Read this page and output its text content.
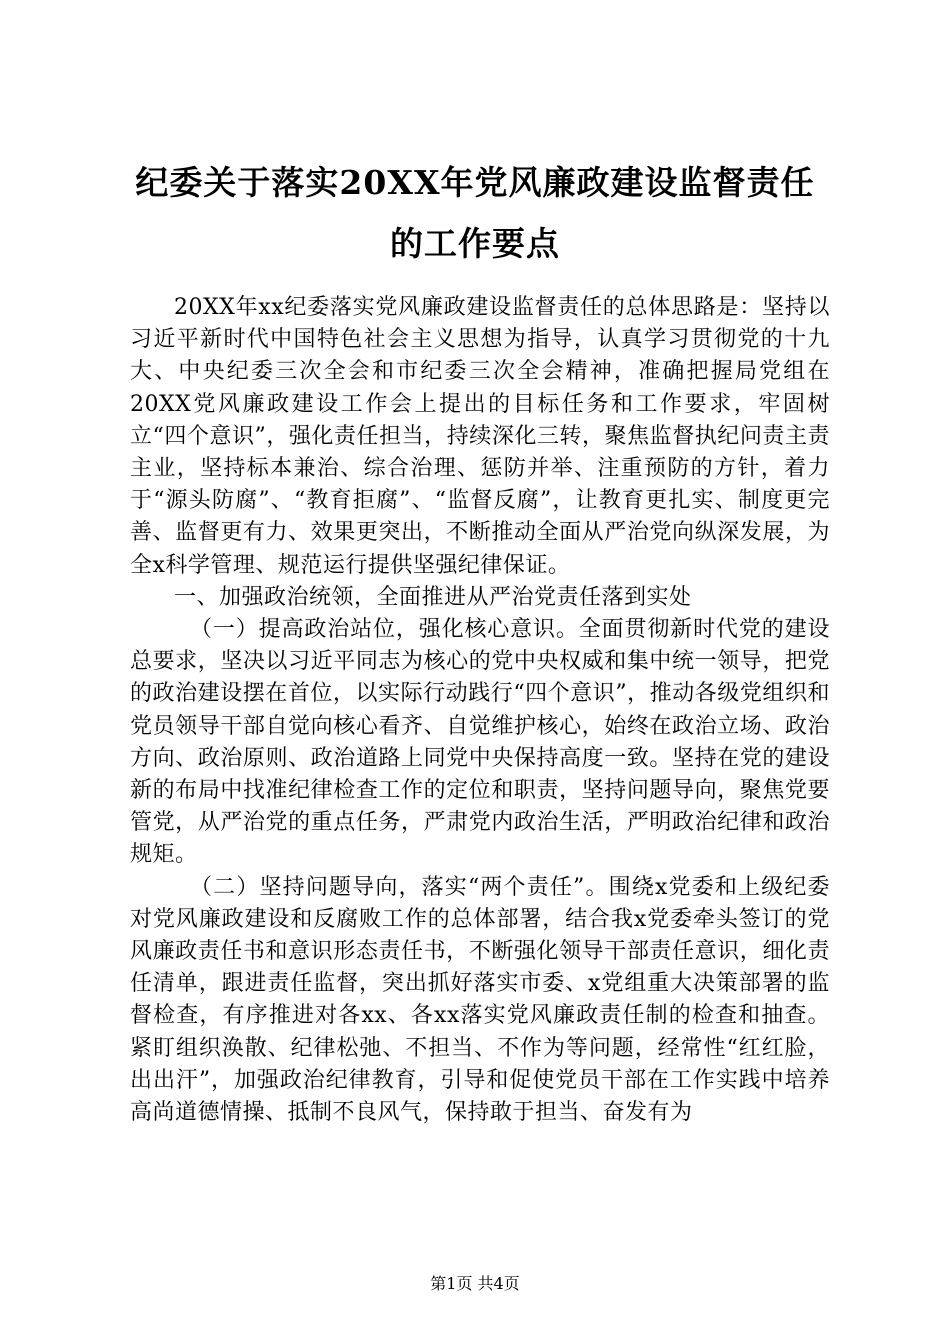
纪委关于落实20XX年党风廉政建设监督责任
的工作要点

20XX年xx纪委落实党风廉政建设监督责任的总体思路是：坚持以习近平新时代中国特色社会主义思想为指导，认真学习贯彻党的十九大、中央纪委三次全会和市纪委三次全会精神，准确把握局党组在20XX党风廉政建设工作会上提出的目标任务和工作要求，牢固树立“四个意识”，强化责任担当，持续深化三转，聚焦监督执纪问责主责主业，坚持标本兼治、综合治理、惩防并举、注重预防的方针，着力于“源头防腐”、“教育拒腐”、“监督反腐”，让教育更扎实、制度更完善、监督更有力、效果更突出，不断推动全面从严治党向纵深发展，为全x科学管理、规范运行提供坚强纪律保证。

一、加强政治统领，全面推进从严治党责任落到实处

（一）提高政治站位，强化核心意识。全面贯彻新时代党的建设总要求，坚决以习近平同志为核心的党中央权威和集中统一领导，把党的政治建设摆在首位，以实际行动践行“四个意识”，推动各级党组织和党员领导干部自觉向核心看齐、自觉维护核心，始终在政治立场、政治方向、政治原则、政治道路上同党中央保持高度一致。坚持在党的建设新的布局中找准纪律检查工作的定位和职责，坚持问题导向，聚焦党要管党，从严治党的重点任务，严肃党内政治生活，严明政治纪律和政治规矩。

（二）坚持问题导向，落实“两个责任”。围绕x党委和上级纪委对党风廉政建设和反腐败工作的总体部署，结合我x党委牵头签订的党风廉政责任书和意识形态责任书，不断强化领导干部责任意识，细化责任清单，跟进责任监督，突出抓好落实市委、x党组重大决策部署的监督检查，有序推进对各xx、各xx落实党风廉政责任制的检查和抽查。紧盯组织涣散、纪律松弛、不担当、不作为等问题，经常性“红红脸，出出汗”，加强政治纪律教育，引导和促使党员干部在工作实践中培养高尚道德情操、抵制不良风气，保持敢于担当、奋发有为

第1页 共4页
